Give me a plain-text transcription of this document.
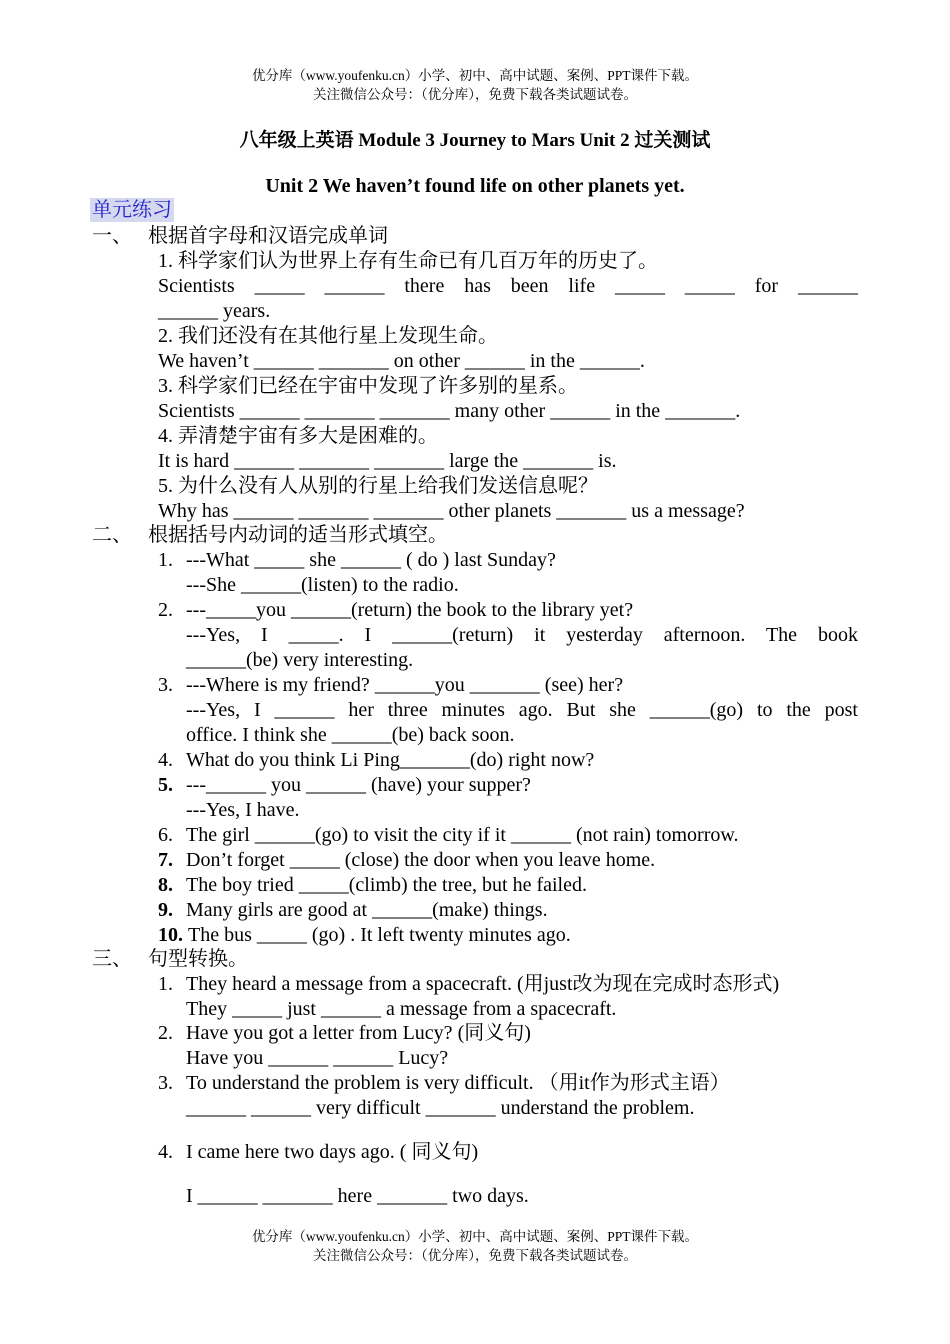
优分库（www.youfenku.cn）小学、初中、高中试题、案例、PPT课件下载。
关注微信公众号：（优分库），免费下载各类试题试卷。
八年级上英语 Module 3 Journey to Mars Unit 2 过关测试
Unit 2 We haven’t found life on other planets yet.
单元练习
一、 根据首字母和汉语完成单词
1. 科学家们认为世界上存有生命已有几百万年的历史了。
Scientists _____ ______ there has been life _____ _____ for ______
______ years.
2. 我们还没有在其他行星上发现生命。
We haven’t ______ _______ on other ______ in the ______.
3. 科学家们已经在宇宙中发现了许多别的星系。
Scientists ______ _______ _______ many other ______ in the _______.
4. 弄清楚宇宙有多大是困难的。
It is hard ______ _______ _______ large the _______ is.
5. 为什么没有人从别的行星上给我们发送信息呢？
Why has ______ _______ _______ other planets _______ us a message?
二、 根据括号内动词的适当形式填空。
1. ---What _____ she ______ ( do ) last Sunday?
---She ______(listen) to the radio.
2. ---_____you ______(return) the book to the library yet?
---Yes, I _____. I ______(return) it yesterday afternoon. The book
______(be) very interesting.
3. ---Where is my friend? ______you _______ (see) her?
---Yes, I ______ her three minutes ago. But she ______(go) to the post
office. I think she ______(be) back soon.
4. What do you think Li Ping_______(do) right now?
5. ---______ you ______ (have) your supper?
---Yes, I have.
6. The girl ______(go) to visit the city if it ______ (not rain) tomorrow.
7. Don’t forget _____ (close) the door when you leave home.
8. The boy tried _____(climb) the tree, but he failed.
9. Many girls are good at ______(make) things.
10. The bus _____ (go) . It left twenty minutes ago.
三、 句型转换。
1. They heard a message from a spacecraft. (用just改为现在完成时态形式)
They _____ just ______ a message from a spacecraft.
2. Have you got a letter from Lucy? (同义句)
Have you ______ ______ Lucy?
3. To understand the problem is very difficult. （用it作为形式主语）
______ ______ very difficult _______ understand the problem.
4. I came here two days ago. ( 同义句)
I ______ _______ here _______ two days.
优分库（www.youfenku.cn）小学、初中、高中试题、案例、PPT课件下载。
关注微信公众号：（优分库），免费下载各类试题试卷。
